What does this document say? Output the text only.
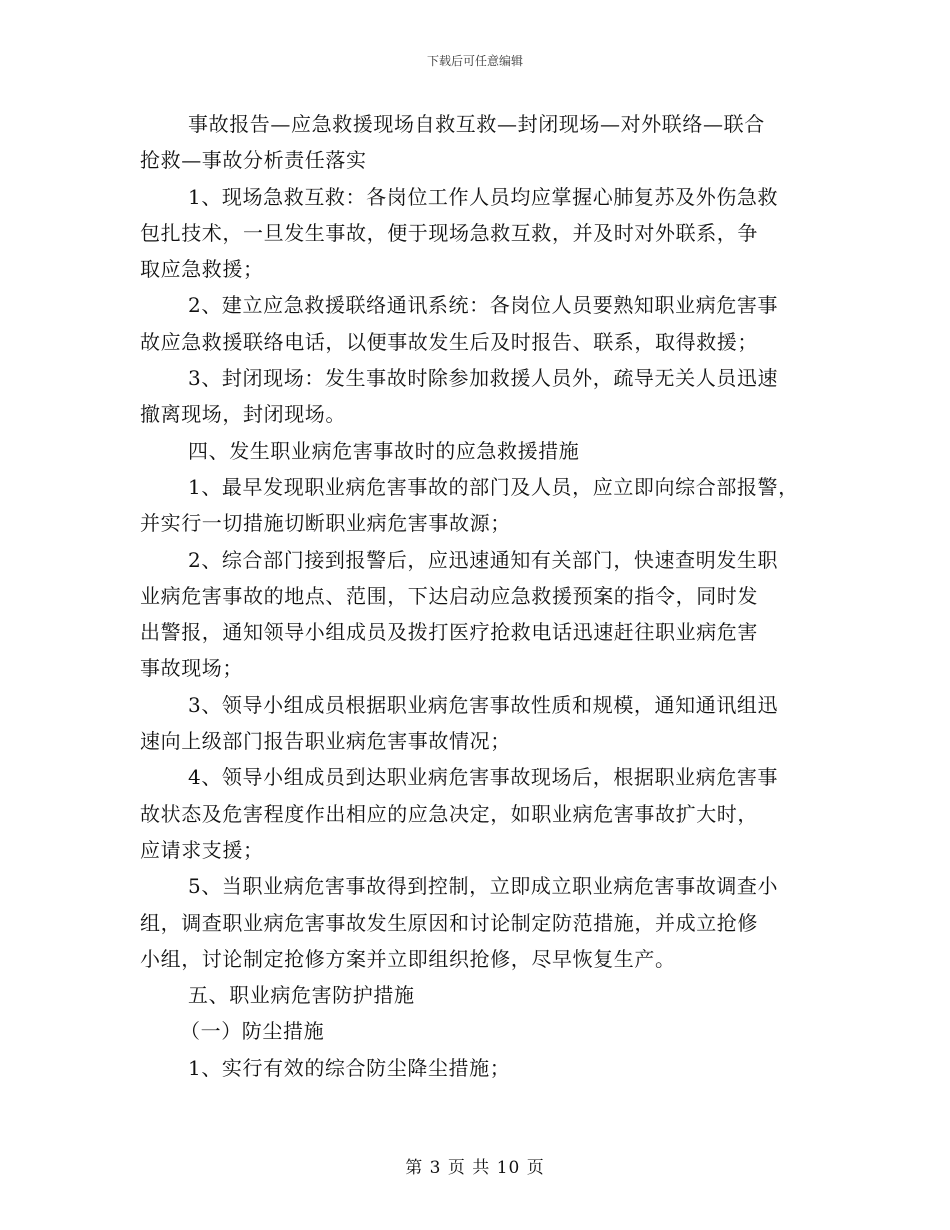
下载后可任意编辑
事故报告—应急救援现场自救互救—封闭现场—对外联络—联合
抢救—事故分析责任落实
1、现场急救互救：各岗位工作人员均应掌握心肺复苏及外伤急救
包扎技术，一旦发生事故，便于现场急救互救，并及时对外联系，争
取应急救援；
2、建立应急救援联络通讯系统：各岗位人员要熟知职业病危害事
故应急救援联络电话，以便事故发生后及时报告、联系，取得救援；
3、封闭现场：发生事故时除参加救援人员外，疏导无关人员迅速
撤离现场，封闭现场。
四、发生职业病危害事故时的应急救援措施
1、最早发现职业病危害事故的部门及人员，应立即向综合部报警，
并实行一切措施切断职业病危害事故源；
2、综合部门接到报警后，应迅速通知有关部门，快速查明发生职
业病危害事故的地点、范围，下达启动应急救援预案的指令，同时发
出警报，通知领导小组成员及拨打医疗抢救电话迅速赶往职业病危害
事故现场；
3、领导小组成员根据职业病危害事故性质和规模，通知通讯组迅
速向上级部门报告职业病危害事故情况；
4、领导小组成员到达职业病危害事故现场后，根据职业病危害事
故状态及危害程度作出相应的应急决定，如职业病危害事故扩大时，
应请求支援；
5、当职业病危害事故得到控制，立即成立职业病危害事故调查小
组，调查职业病危害事故发生原因和讨论制定防范措施，并成立抢修
小组，讨论制定抢修方案并立即组织抢修，尽早恢复生产。
五、职业病危害防护措施
（一）防尘措施
1、实行有效的综合防尘降尘措施；
第 3 页 共 10 页
